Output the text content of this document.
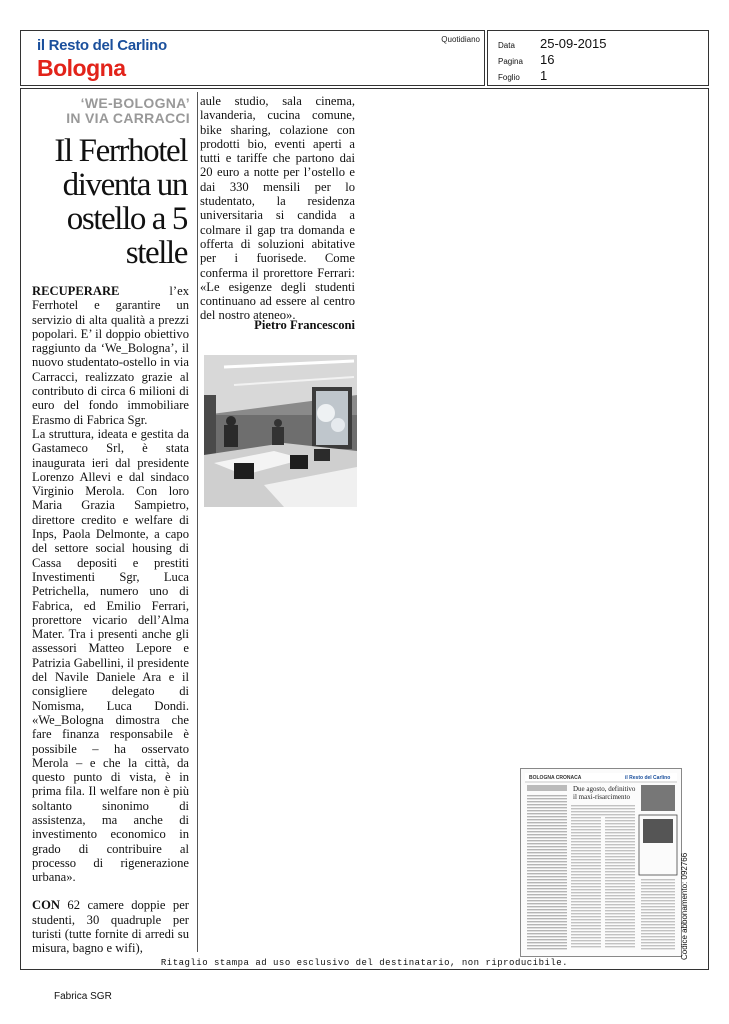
il Resto del Carlino
Bologna
Quotidiano
Data 25-09-2015
Pagina 16
Foglio 1
‘WE-BOLOGNA’
IN VIA CARRACCI
Il Ferrhotel diventa un ostello a 5 stelle

RECUPERARE l’ex Ferrhotel e garantire un servizio di alta qualità a prezzi popolari. E’ il doppio obiettivo raggiunto da ‘We_Bologna’, il nuovo studentato-ostello in via Carracci, realizzato grazie al contributo di circa 6 milioni di euro del fondo immobiliare Erasmo di Fabrica Sgr.

La struttura, ideata e gestita da Gastameco Srl, è stata inaugurata ieri dal presidente Lorenzo Allevi e dal sindaco Virginio Merola. Con loro Maria Grazia Sampietro, direttore credito e welfare di Inps, Paola Delmonte, a capo del settore social housing di Cassa depositi e prestiti Investimenti Sgr, Luca Petrichella, numero uno di Fabrica, ed Emilio Ferrari, prorettore vicario dell’Alma Mater. Tra i presenti anche gli assessori Matteo Lepore e Patrizia Gabellini, il presidente del Navile Daniele Ara e il consigliere delegato di Nomisma, Luca Dondi. «We_Bologna dimostra che fare finanza responsabile è possibile – ha osservato Merola – e che la città, da questo punto di vista, è in prima fila. Il welfare non è più soltanto sinonimo di assistenza, ma anche di investimento economico in grado di contribuire al processo di rigenerazione urbana».

CON 62 camere doppie per studenti, 30 quadruple per turisti (tutte fornite di arredi su misura, bagno e wifi),

aule studio, sala cinema, lavanderia, cucina comune, bike sharing, colazione con prodotti bio, eventi aperti a tutti e tariffe che partono dai 20 euro a notte per l’ostello e dai 330 mensili per lo studentato, la residenza universitaria si candida a colmare il gap tra domanda e offerta di soluzioni abitative per i fuorisede. Come conferma il prorettore Ferrari: «Le esigenze degli studenti continuano ad essere al centro del nostro ateneo».
Pietro Francesconi
BOLOGNA CRONACA	il Resto del Carlino
Due agosto, definitivo
il maxi-risarcimento
Codice abbonamento: 092766
Ritaglio stampa ad uso esclusivo del destinatario, non riproducibile.
Fabrica SGR
